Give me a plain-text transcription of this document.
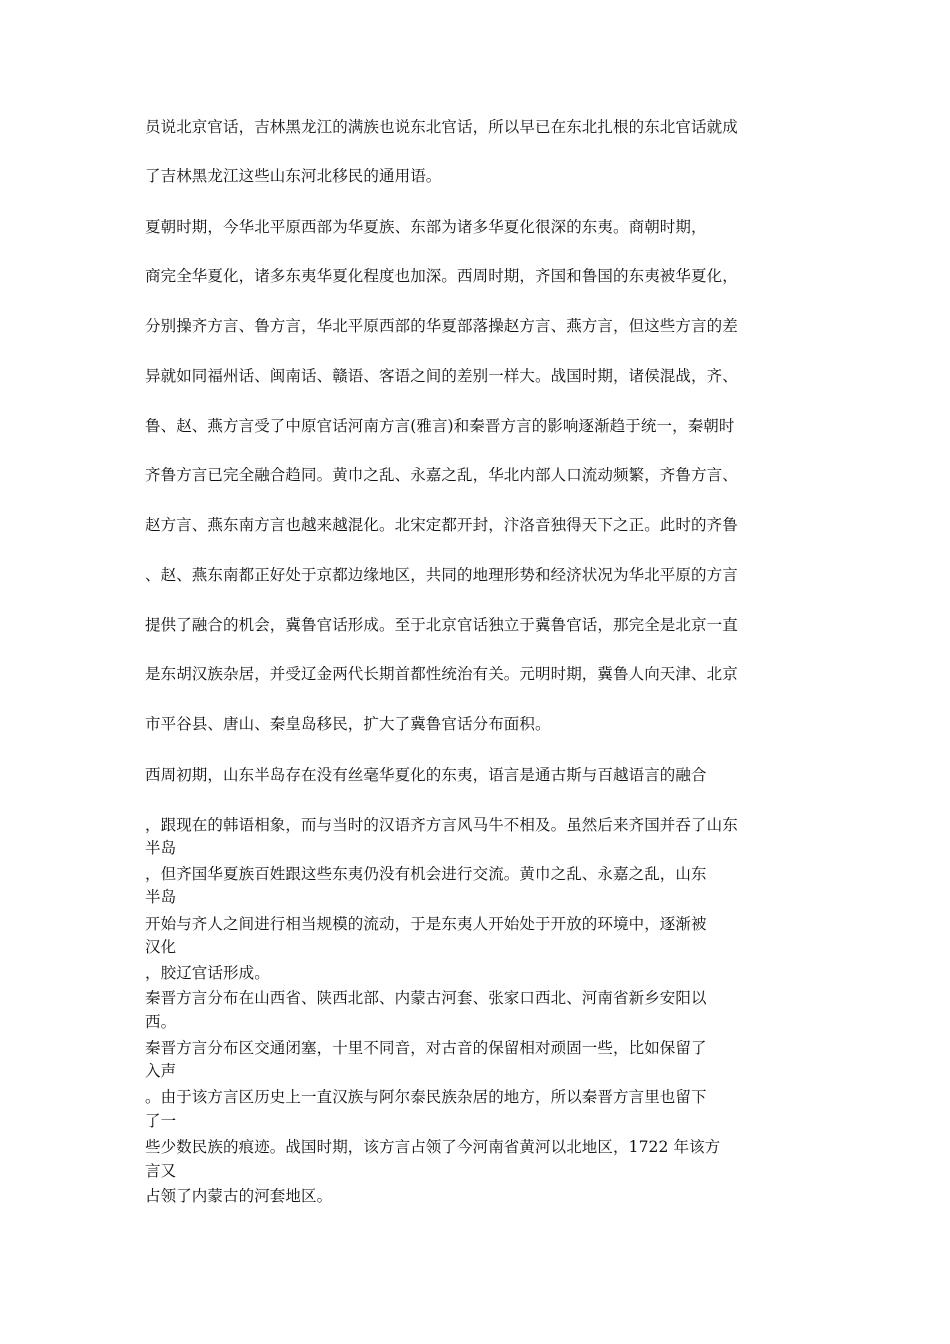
员说北京官话，吉林黑龙江的满族也说东北官话，所以早已在东北扎根的东北官话就成
了吉林黑龙江这些山东河北移民的通用语。
夏朝时期，今华北平原西部为华夏族、东部为诸多华夏化很深的东夷。商朝时期，
商完全华夏化，诸多东夷华夏化程度也加深。西周时期，齐国和鲁国的东夷被华夏化，
分别操齐方言、鲁方言，华北平原西部的华夏部落操赵方言、燕方言，但这些方言的差
异就如同福州话、闽南话、赣语、客语之间的差别一样大。战国时期，诸侯混战，齐、
鲁、赵、燕方言受了中原官话河南方言(雅言)和秦晋方言的影响逐渐趋于统一，秦朝时
齐鲁方言已完全融合趋同。黄巾之乱、永嘉之乱，华北内部人口流动频繁，齐鲁方言、
赵方言、燕东南方言也越来越混化。北宋定都开封，汴洛音独得天下之正。此时的齐鲁
、赵、燕东南都正好处于京都边缘地区，共同的地理形势和经济状况为华北平原的方言
提供了融合的机会，冀鲁官话形成。至于北京官话独立于冀鲁官话，那完全是北京一直
是东胡汉族杂居，并受辽金两代长期首都性统治有关。元明时期，冀鲁人向天津、北京
市平谷县、唐山、秦皇岛移民，扩大了冀鲁官话分布面积。
西周初期，山东半岛存在没有丝毫华夏化的东夷，语言是通古斯与百越语言的融合
，跟现在的韩语相象，而与当时的汉语齐方言风马牛不相及。虽然后来齐国并吞了山东
半岛
，但齐国华夏族百姓跟这些东夷仍没有机会进行交流。黄巾之乱、永嘉之乱，山东
半岛
开始与齐人之间进行相当规模的流动，于是东夷人开始处于开放的环境中，逐渐被
汉化
，胶辽官话形成。
秦晋方言分布在山西省、陕西北部、内蒙古河套、张家口西北、河南省新乡安阳以
西。
秦晋方言分布区交通闭塞，十里不同音，对古音的保留相对顽固一些，比如保留了
入声
。由于该方言区历史上一直汉族与阿尔泰民族杂居的地方，所以秦晋方言里也留下
了一
些少数民族的痕迹。战国时期，该方言占领了今河南省黄河以北地区，1722 年该方
言又
占领了内蒙古的河套地区。
